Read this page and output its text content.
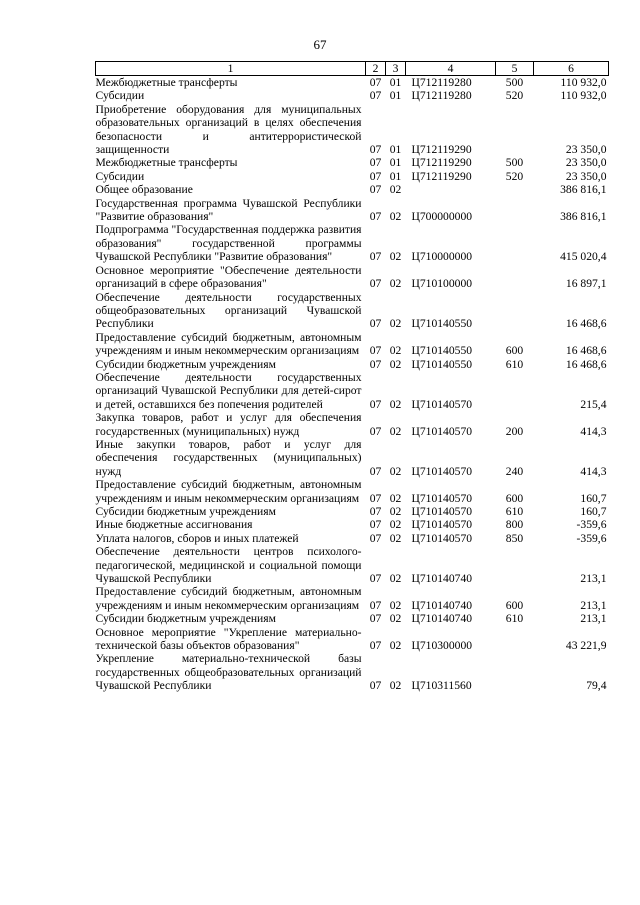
67
1	2	3	4	5	6
Межбюджетные трансферты	07	01	Ц712119280	500	110 932,0
Субсидии	07	01	Ц712119280	520	110 932,0
Приобретение оборудования для муниципальных образовательных организаций в целях обеспечения безопасности и антитеррористической защищенности	07	01	Ц712119290		23 350,0
Межбюджетные трансферты	07	01	Ц712119290	500	23 350,0
Субсидии	07	01	Ц712119290	520	23 350,0
Общее образование	07	02			386 816,1
Государственная программа Чувашской Республики "Развитие образования"	07	02	Ц700000000		386 816,1
Подпрограмма "Государственная поддержка развития образования" государственной программы Чувашской Республики "Развитие образования"	07	02	Ц710000000		415 020,4
Основное мероприятие "Обеспечение деятельности организаций в сфере образования"	07	02	Ц710100000		16 897,1
Обеспечение деятельности государственных общеобразовательных организаций Чувашской Республики	07	02	Ц710140550		16 468,6
Предоставление субсидий бюджетным, автономным учреждениям и иным некоммерческим организациям	07	02	Ц710140550	600	16 468,6
Субсидии бюджетным учреждениям	07	02	Ц710140550	610	16 468,6
Обеспечение деятельности государственных организаций Чувашской Республики для детей-сирот и детей, оставшихся без попечения родителей	07	02	Ц710140570		215,4
Закупка товаров, работ и услуг для обеспечения государственных (муниципальных) нужд	07	02	Ц710140570	200	414,3
Иные закупки товаров, работ и услуг для обеспечения государственных (муниципальных) нужд	07	02	Ц710140570	240	414,3
Предоставление субсидий бюджетным, автономным учреждениям и иным некоммерческим организациям	07	02	Ц710140570	600	160,7
Субсидии бюджетным учреждениям	07	02	Ц710140570	610	160,7
Иные бюджетные ассигнования	07	02	Ц710140570	800	-359,6
Уплата налогов, сборов и иных платежей	07	02	Ц710140570	850	-359,6
Обеспечение деятельности центров психолого-педагогической, медицинской и социальной помощи Чувашской Республики	07	02	Ц710140740		213,1
Предоставление субсидий бюджетным, автономным учреждениям и иным некоммерческим организациям	07	02	Ц710140740	600	213,1
Субсидии бюджетным учреждениям	07	02	Ц710140740	610	213,1
Основное мероприятие "Укрепление материально-технической базы объектов образования"	07	02	Ц710300000		43 221,9
Укрепление материально-технической базы государственных общеобразовательных организаций Чувашской Республики	07	02	Ц710311560		79,4
